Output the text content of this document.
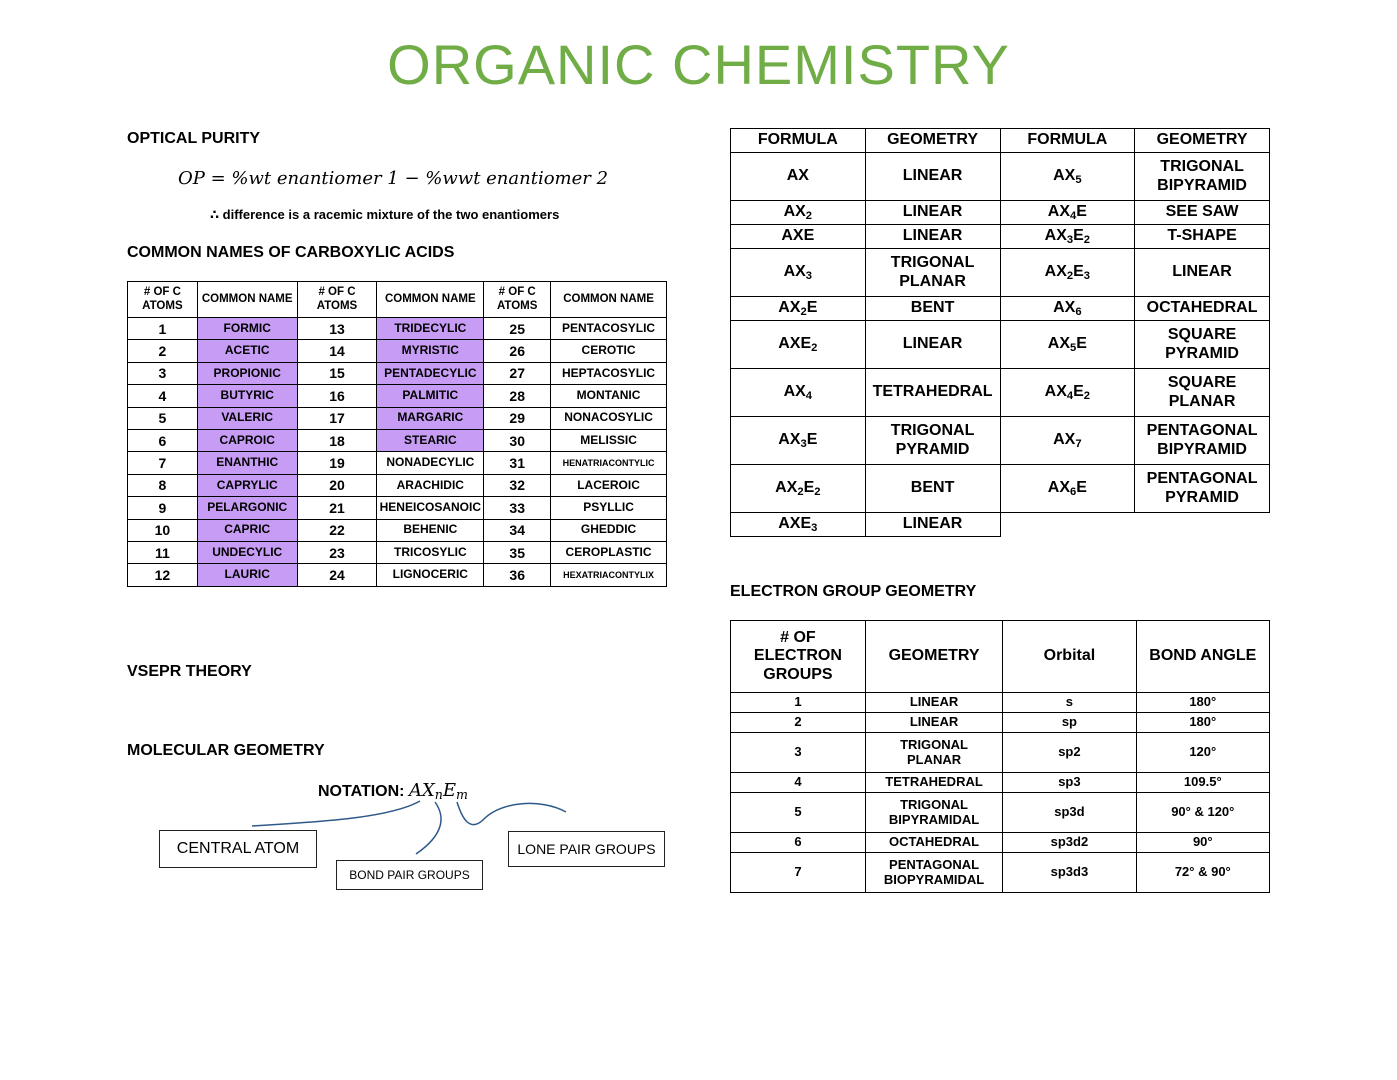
ORGANIC CHEMISTRY
OPTICAL PURITY
OP = %wt enantiomer 1 − %wwt enantiomer 2
∴ difference is a racemic mixture of the two enantiomers
COMMON NAMES OF CARBOXYLIC ACIDS
# OF C ATOMS	COMMON NAME	# OF C ATOMS	COMMON NAME	# OF C ATOMS	COMMON NAME
1	FORMIC	13	TRIDECYLIC	25	PENTACOSYLIC
2	ACETIC	14	MYRISTIC	26	CEROTIC
3	PROPIONIC	15	PENTADECYLIC	27	HEPTACOSYLIC
4	BUTYRIC	16	PALMITIC	28	MONTANIC
5	VALERIC	17	MARGARIC	29	NONACOSYLIC
6	CAPROIC	18	STEARIC	30	MELISSIC
7	ENANTHIC	19	NONADECYLIC	31	HENATRIACONTYLIC
8	CAPRYLIC	20	ARACHIDIC	32	LACEROIC
9	PELARGONIC	21	HENEICOSANOIC	33	PSYLLIC
10	CAPRIC	22	BEHENIC	34	GHEDDIC
11	UNDECYLIC	23	TRICOSYLIC	35	CEROPLASTIC
12	LAURIC	24	LIGNOCERIC	36	HEXATRIACONTYLIX
VSEPR THEORY
MOLECULAR GEOMETRY
NOTATION: $AX_nE_m$
CENTRAL ATOM
BOND PAIR GROUPS
LONE PAIR GROUPS
FORMULA	GEOMETRY	FORMULA	GEOMETRY
AX	LINEAR	$AX_5$	TRIGONAL BIPYRAMID
$AX_2$	LINEAR	$AX_4E$	SEE SAW
AXE	LINEAR	$AX_3E_2$	T-SHAPE
$AX_3$	TRIGONAL PLANAR	$AX_2E_3$	LINEAR
$AX_2E$	BENT	$AX_6$	OCTAHEDRAL
$AXE_2$	LINEAR	$AX_5E$	SQUARE PYRAMID
$AX_4$	TETRAHEDRAL	$AX_4E_2$	SQUARE PLANAR
$AX_3E$	TRIGONAL PYRAMID	$AX_7$	PENTAGONAL BIPYRAMID
$AX_2E_2$	BENT	$AX_6E$	PENTAGONAL PYRAMID
$AXE_3$	LINEAR		
ELECTRON GROUP GEOMETRY
# OF ELECTRON GROUPS	GEOMETRY	Orbital	BOND ANGLE
1	LINEAR	s	180°
2	LINEAR	sp	180°
3	TRIGONAL PLANAR	sp2	120°
4	TETRAHEDRAL	sp3	109.5°
5	TRIGONAL BIPYRAMIDAL	sp3d	90° & 120°
6	OCTAHEDRAL	sp3d2	90°
7	PENTAGONAL BIOPYRAMIDAL	sp3d3	72° & 90°
